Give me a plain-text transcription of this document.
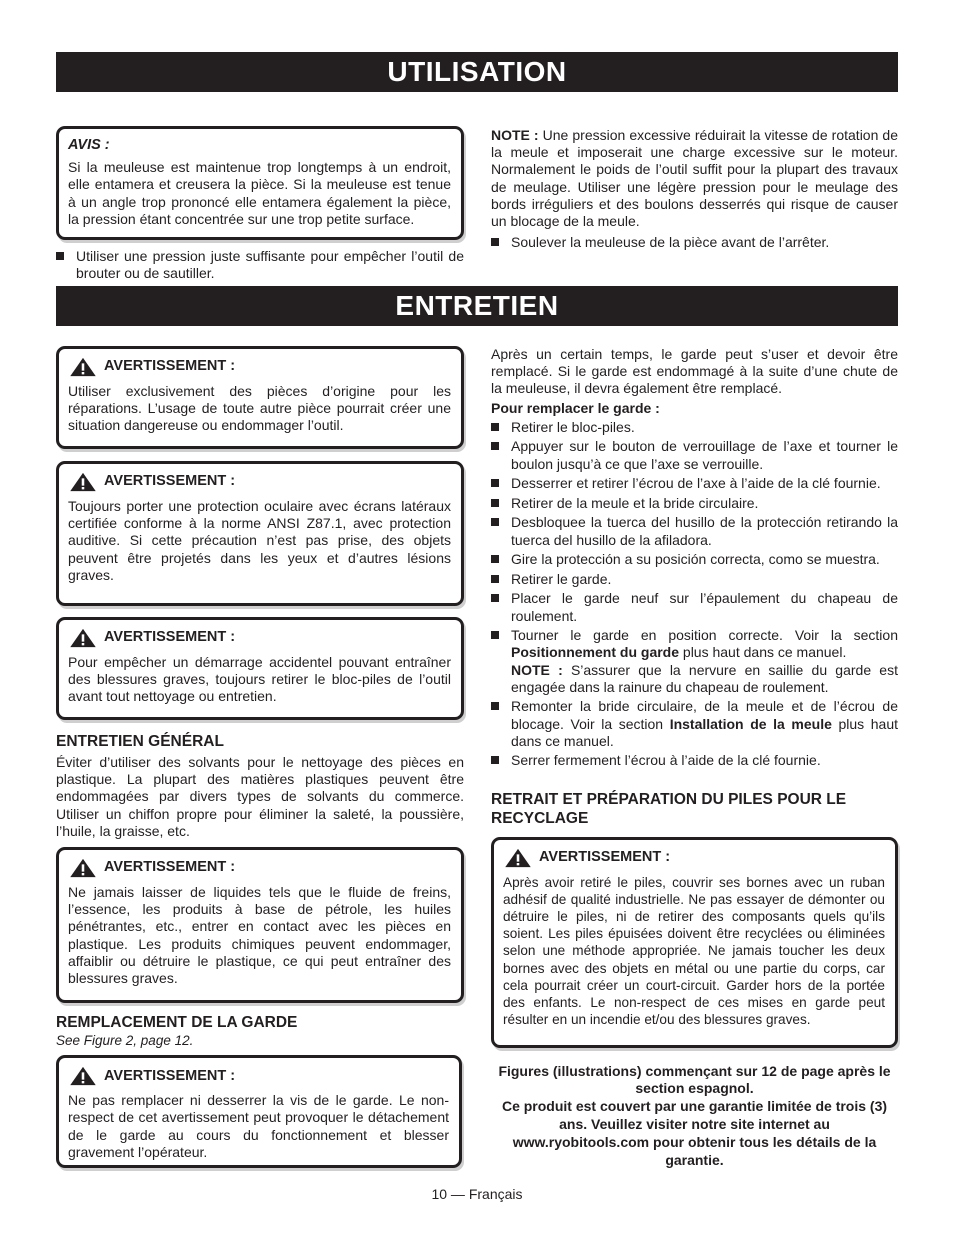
UTILISATION
ENTRETIEN
AVIS :

Si la meuleuse est maintenue trop longtemps à un endroit, elle entamera et creusera la pièce. Si la meuleuse est tenue à un angle trop prononcé elle entamera également la pièce, la pression étant concentrée sur une trop petite surface.

Utiliser une pression juste suffisante pour empêcher l’outil de brouter ou de sautiller.

NOTE : Une pression excessive réduirait la vitesse de rotation de la meule et imposerait une charge excessive sur le moteur. Normalement le poids de l’outil suffit pour la plupart des travaux de meulage. Utiliser une légère pression pour le meulage des bords irréguliers et des boulons desserrés qui risque de causer un blocage de la meule.

Soulever la meuleuse de la pièce avant de l’arrêter.
AVERTISSEMENT :

Utiliser exclusivement des pièces d’origine pour les réparations. L’usage de toute autre pièce pourrait créer une situation dangereuse ou endommager l’outil.

AVERTISSEMENT :

Toujours porter une protection oculaire avec écrans latéraux certifiée conforme à la norme ANSI Z87.1, avec protection auditive. Si cette précaution n’est pas prise, des objets peuvent être projetés dans les yeux et d’autres lésions graves.

AVERTISSEMENT :

Pour empêcher un démarrage accidentel pouvant entraîner des blessures graves, toujours retirer le bloc-piles de l’outil avant tout nettoyage ou entretien.

ENTRETIEN GÉNÉRAL

Éviter d’utiliser des solvants pour le nettoyage des pièces en plastique. La plupart des matières plastiques peuvent être endommagées par divers types de solvants du commerce. Utiliser un chiffon propre pour éliminer la saleté, la poussière, l’huile, la graisse, etc.

AVERTISSEMENT :

Ne jamais laisser de liquides tels que le fluide de freins, l’essence, les produits à base de pétrole, les huiles pénétrantes, etc., entrer en contact avec les pièces en plastique. Les produits chimiques peuvent endommager, affaiblir ou détruire le plastique, ce qui peut entraîner des blessures graves.

REMPLACEMENT DE LA GARDE

See Figure 2, page 12.

AVERTISSEMENT :

Ne pas remplacer ni desserrer la vis de le garde. Le non-respect de cet avertissement peut provoquer le détachement de le garde au cours du fonctionnement et blesser gravement l’opérateur.

Après un certain temps, le garde peut s’user et devoir être remplacé. Si le garde est endommagé à la suite d’une chute de la meuleuse, il devra également être remplacé.

Pour remplacer le garde :

Retirer le bloc-piles.
Appuyer sur le bouton de verrouillage de l’axe et tourner le boulon jusqu’à ce que l’axe se verrouille.
Desserrer et retirer l’écrou de l’axe à l’aide de la clé fournie.
Retirer de la meule et la bride circulaire.
Desbloquee la tuerca del husillo de la protección retirando la tuerca del husillo de la afiladora.
Gire la protección a su posición correcta, como se muestra.
Retirer le garde.
Placer le garde neuf sur l’épaulement du chapeau de roulement.
Tourner le garde en position correcte. Voir la section Positionnement du garde plus haut dans ce manuel.
NOTE : S’assurer que la nervure en saillie du garde est engagée dans la rainure du chapeau de roulement.
Remonter la bride circulaire, de la meule et de l’écrou de blocage. Voir la section Installation de la meule plus haut dans ce manuel.
Serrer fermement l’écrou à l’aide de la clé fournie.
RETRAIT ET PRÉPARATION DU PILES POUR LE RECYCLAGE
AVERTISSEMENT :

Après avoir retiré le piles, couvrir ses bornes avec un ruban adhésif de qualité industrielle. Ne pas essayer de démonter ou détruire le piles, ni de retirer des composants quels qu’ils soient. Les piles épuisées doivent être recyclées ou éliminées selon une méthode appropriée. Ne jamais toucher les deux bornes avec des objets en métal ou une partie du corps, car cela pourrait créer un court-circuit. Garder hors de la portée des enfants. Le non-respect de ces mises en garde peut résulter en un incendie et/ou des blessures graves.

Figures (illustrations) commençant sur 12 de page après le section espagnol.

Ce produit est couvert par une garantie limitée de trois (3) ans. Veuillez visiter notre site internet au www.ryobitools.com pour obtenir tous les détails de la garantie.

10 — Français
